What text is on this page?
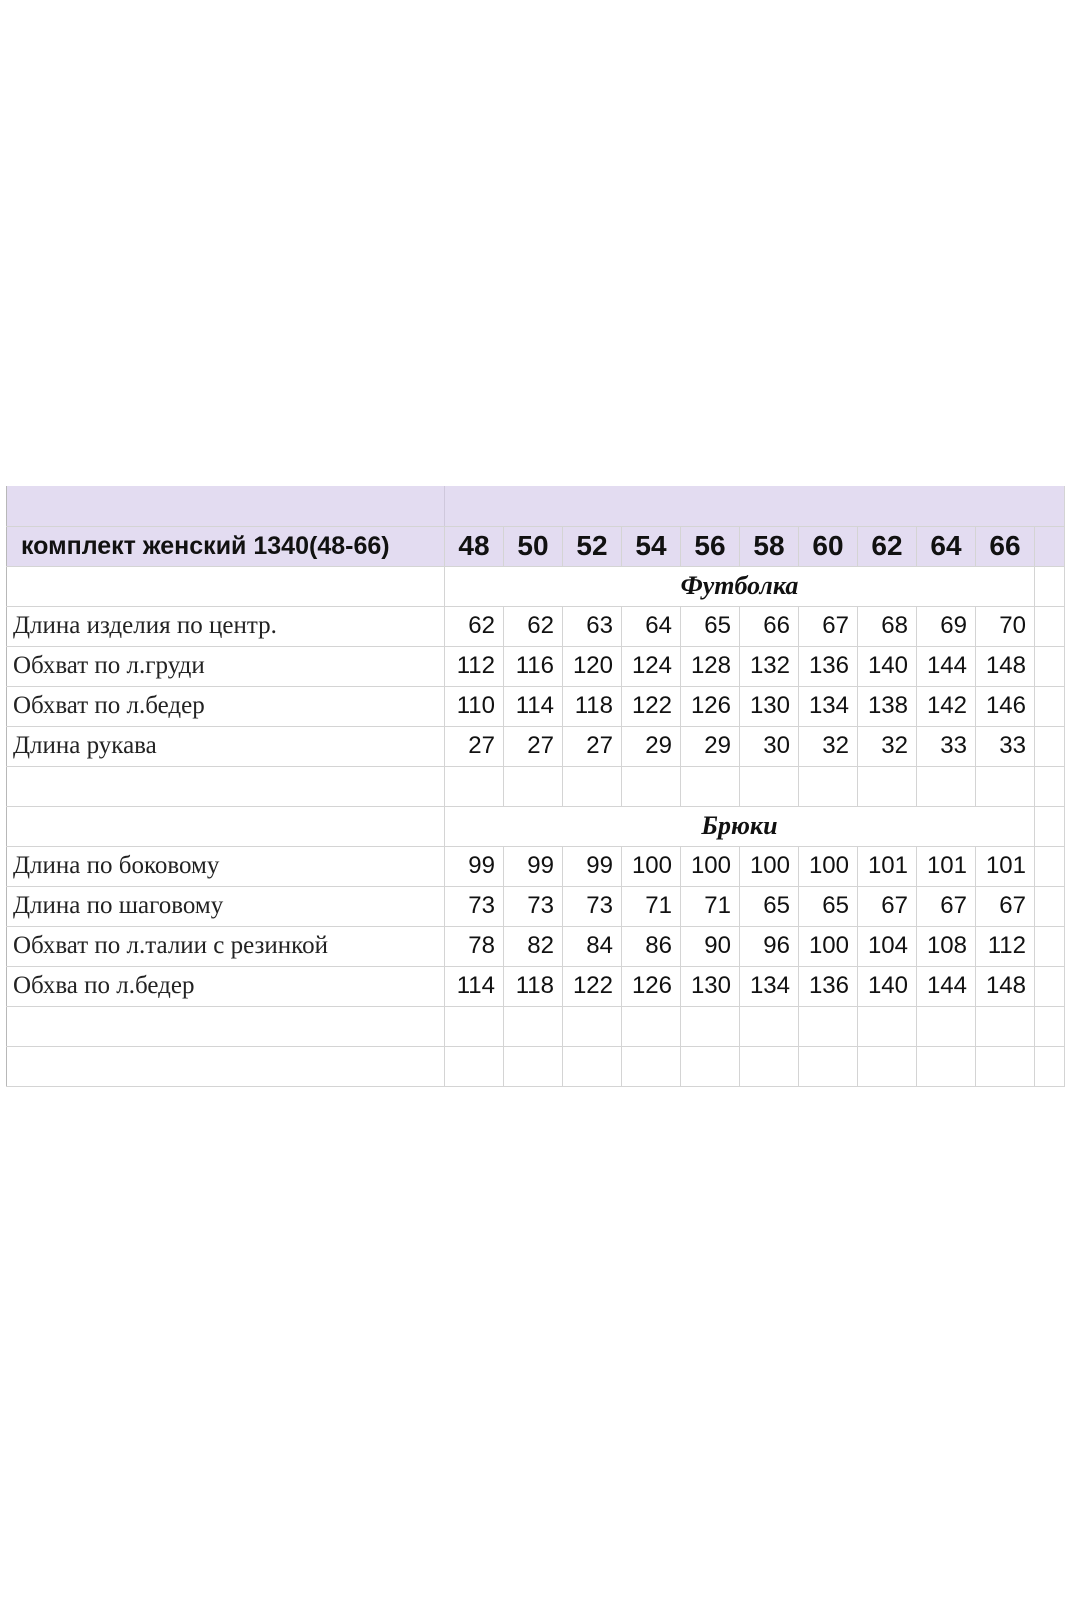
комплект женский 1340(48-66)	48	50	52	54	56	58	60	62	64	66	
	Футболка										
Длина изделия по центр.	62	62	63	64	65	66	67	68	69	70	
Обхват по л.груди	112	116	120	124	128	132	136	140	144	148	
Обхват по л.бедер	110	114	118	122	126	130	134	138	142	146	
Длина рукава	27	27	27	29	29	30	32	32	33	33	

	Брюки										
Длина по боковому	99	99	99	100	100	100	100	101	101	101	
Длина по шаговому	73	73	73	71	71	65	65	67	67	67	
Обхват по л.талии с резинкой	78	82	84	86	90	96	100	104	108	112	
Обхва по л.бедер	114	118	122	126	130	134	136	140	144	148	
